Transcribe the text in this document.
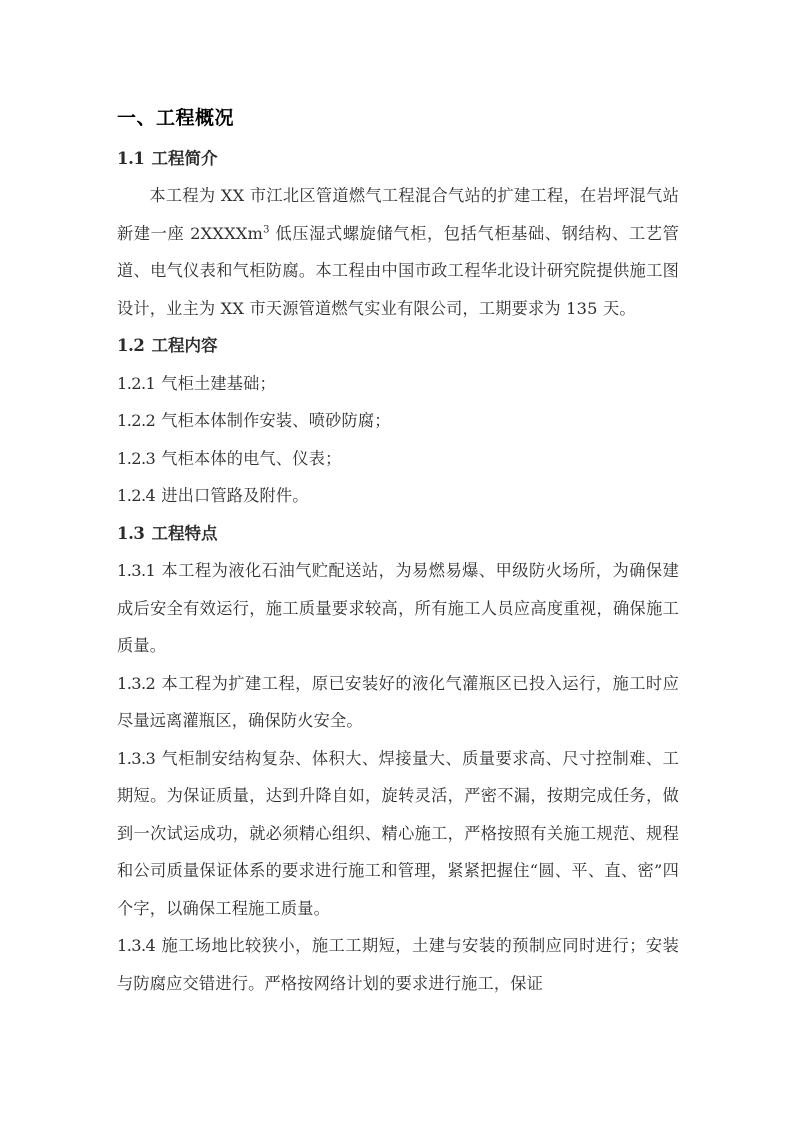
一、工程概况
1.1 工程简介

本工程为 XX 市江北区管道燃气工程混合气站的扩建工程，在岩坪混气站新建一座 2XXXXm$^3$ 低压湿式螺旋储气柜，包括气柜基础、钢结构、工艺管道、电气仪表和气柜防腐。本工程由中国市政工程华北设计研究院提供施工图设计，业主为 XX 市天源管道燃气实业有限公司，工期要求为 135 天。

1.2 工程内容

1.2.1 气柜土建基础；

1.2.2 气柜本体制作安装、喷砂防腐；

1.2.3 气柜本体的电气、仪表；

1.2.4 进出口管路及附件。

1.3 工程特点

1.3.1 本工程为液化石油气贮配送站，为易燃易爆、甲级防火场所，为确保建成后安全有效运行，施工质量要求较高，所有施工人员应高度重视，确保施工质量。

1.3.2 本工程为扩建工程，原已安装好的液化气灌瓶区已投入运行，施工时应尽量远离灌瓶区，确保防火安全。

1.3.3 气柜制安结构复杂、体积大、焊接量大、质量要求高、尺寸控制难、工期短。为保证质量，达到升降自如，旋转灵活，严密不漏，按期完成任务，做到一次试运成功，就必须精心组织、精心施工，严格按照有关施工规范、规程和公司质量保证体系的要求进行施工和管理，紧紧把握住“圆、平、直、密”四个字，以确保工程施工质量。

1.3.4 施工场地比较狭小，施工工期短，土建与安装的预制应同时进行；安装与防腐应交错进行。严格按网络计划的要求进行施工，保证
